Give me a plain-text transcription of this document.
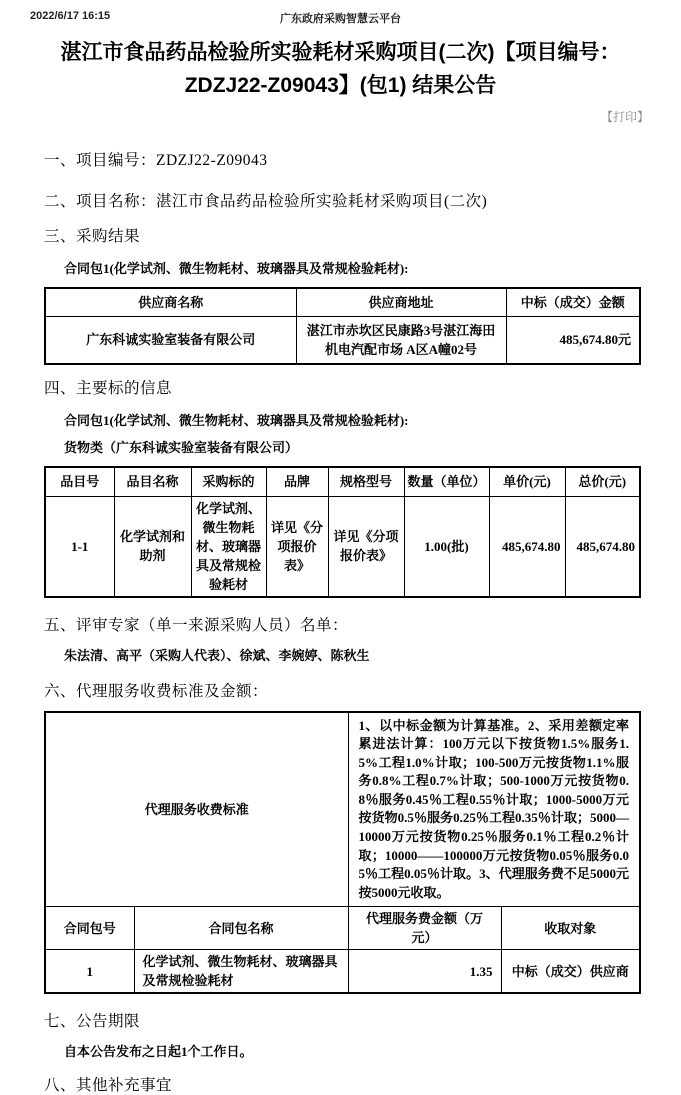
2022/6/17 16:15	广东政府采购智慧云平台
湛江市食品药品检验所实验耗材采购项目(二次)【项目编号：ZDZJ22-Z09043】(包1) 结果公告
【打印】
一、项目编号：ZDZJ22-Z09043
二、项目名称：湛江市食品药品检验所实验耗材采购项目(二次)
三、采购结果
合同包1(化学试剂、微生物耗材、玻璃器具及常规检验耗材):
供应商名称	供应商地址	中标（成交）金额
广东科诚实验室装备有限公司	湛江市赤坎区民康路3号湛江海田机电汽配市场 A区A幢02号	485,674.80元
四、主要标的信息
合同包1(化学试剂、微生物耗材、玻璃器具及常规检验耗材):
货物类（广东科诚实验室装备有限公司）
品目号	品目名称	采购标的	品牌	规格型号	数量（单位）	单价(元)	总价(元)
1-1	化学试剂和助剂	化学试剂、微生物耗材、玻璃器具及常规检验耗材	详见《分项报价表》	详见《分项报价表》	1.00(批)	485,674.80	485,674.80
五、评审专家（单一来源采购人员）名单：
朱法清、高平（采购人代表）、徐斌、李婉婷、陈秋生
六、代理服务收费标准及金额：
代理服务收费标准		1、以中标金额为计算基准。2、采用差额定率累进法计算：100万元以下按货物1.5%服务1.5%工程1.0%计取；100-500万元按货物1.1%服务0.8%工程0.7%计取；500-1000万元按货物0.8％服务0.45％工程0.55％计取；1000-5000万元按货物0.5％服务0.25％工程0.35％计取；5000—10000万元按货物0.25％服务0.1％工程0.2％计取；10000——100000万元按货物0.05％服务0.05％工程0.05％计取。3、代理服务费不足5000元按5000元收取。	
合同包号	合同包名称	代理服务费金额（万元）	收取对象
1	化学试剂、微生物耗材、玻璃器具及常规检验耗材	1.35	中标（成交）供应商
七、公告期限
自本公告发布之日起1个工作日。
八、其他补充事宜
